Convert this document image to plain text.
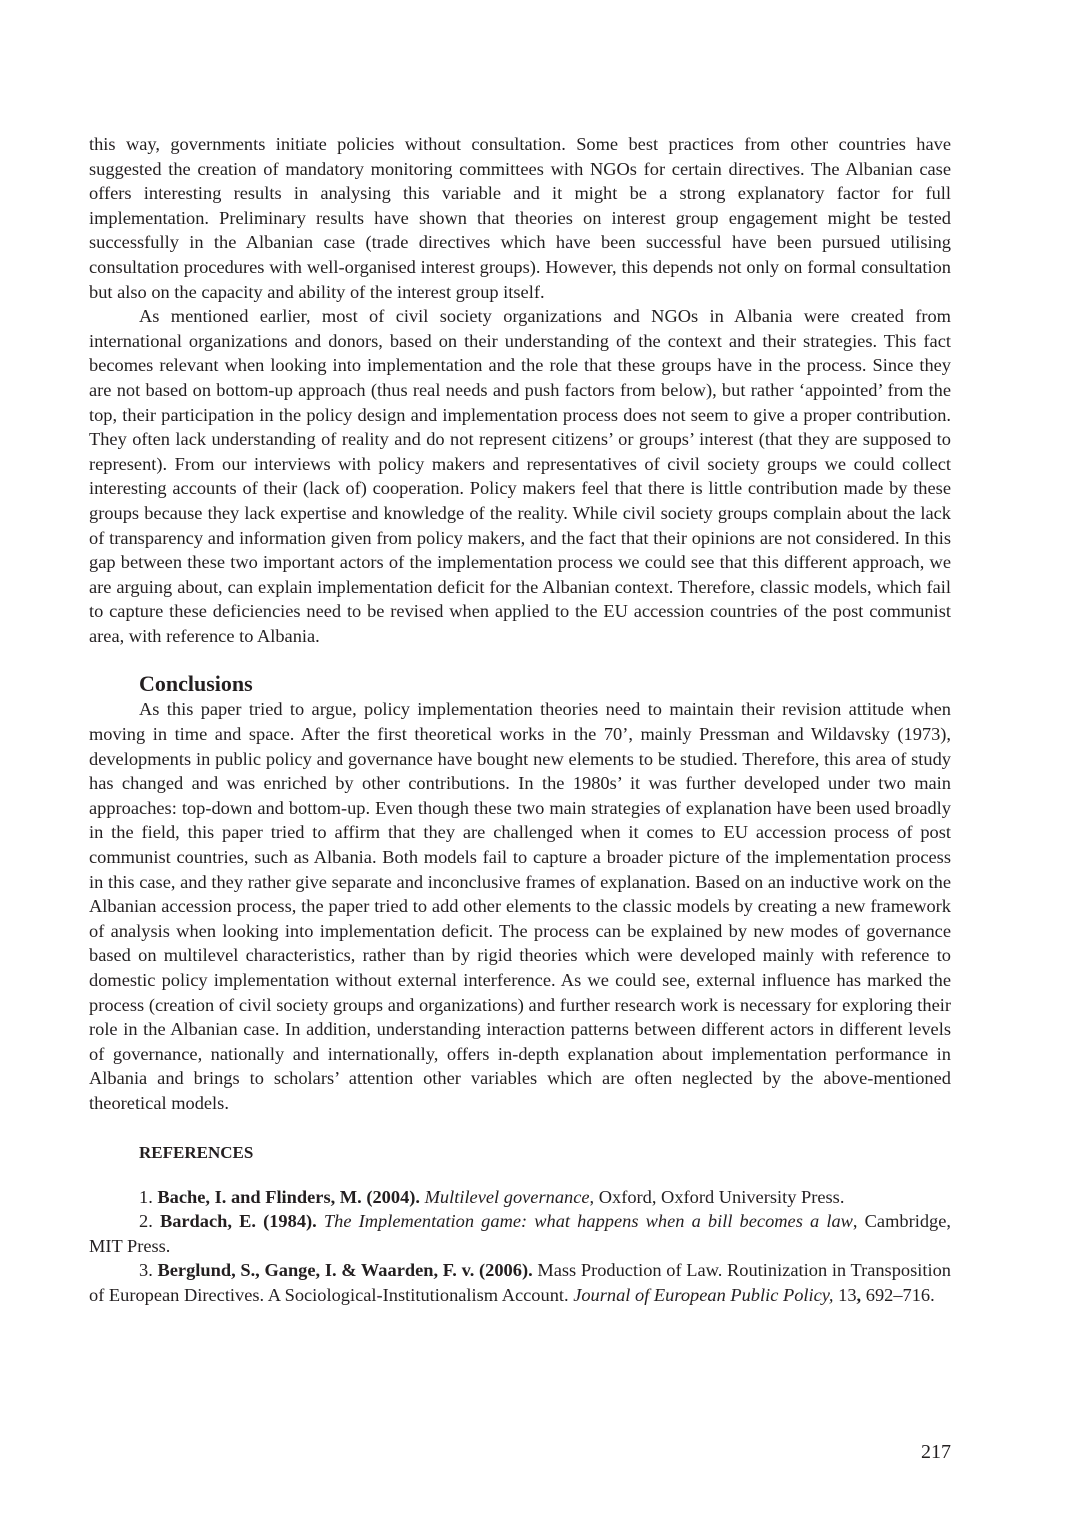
this way, governments initiate policies without consultation. Some best practices from other countries have suggested the creation of mandatory monitoring committees with NGOs for certain directives. The Albanian case offers interesting results in analysing this variable and it might be a strong explanatory factor for full implementation. Preliminary results have shown that theories on interest group engagement might be tested successfully in the Albanian case (trade directives which have been successful have been pursued utilising consultation procedures with well-organised interest groups). However, this depends not only on formal consultation but also on the capacity and ability of the interest group itself.

As mentioned earlier, most of civil society organizations and NGOs in Albania were created from international organizations and donors, based on their understanding of the context and their strategies. This fact becomes relevant when looking into implementation and the role that these groups have in the process. Since they are not based on bottom-up approach (thus real needs and push factors from below), but rather ‘appointed’ from the top, their participation in the policy design and implementation process does not seem to give a proper contribution. They often lack understanding of reality and do not represent citizens’ or groups’ interest (that they are supposed to represent). From our interviews with policy makers and representatives of civil society groups we could collect interesting accounts of their (lack of) cooperation. Policy makers feel that there is little contribution made by these groups because they lack expertise and knowledge of the reality. While civil society groups complain about the lack of transparency and information given from policy makers, and the fact that their opinions are not considered. In this gap between these two important actors of the implementation process we could see that this different approach, we are arguing about, can explain implementation deficit for the Albanian context. Therefore, classic models, which fail to capture these deficiencies need to be revised when applied to the EU accession countries of the post communist area, with reference to Albania.

Conclusions

As this paper tried to argue, policy implementation theories need to maintain their revision attitude when moving in time and space. After the first theoretical works in the 70’, mainly Pressman and Wildavsky (1973), developments in public policy and governance have bought new elements to be studied. Therefore, this area of study has changed and was enriched by other contributions. In the 1980s’ it was further developed under two main approaches: top-down and bottom-up. Even though these two main strategies of explanation have been used broadly in the field, this paper tried to affirm that they are challenged when it comes to EU accession process of post communist countries, such as Albania. Both models fail to capture a broader picture of the implementation process in this case, and they rather give separate and inconclusive frames of explanation. Based on an inductive work on the Albanian accession process, the paper tried to add other elements to the classic models by creating a new framework of analysis when looking into implementation deficit. The process can be explained by new modes of governance based on multilevel characteristics, rather than by rigid theories which were developed mainly with reference to domestic policy implementation without external interference. As we could see, external influence has marked the process (creation of civil society groups and organizations) and further research work is necessary for exploring their role in the Albanian case. In addition, understanding interaction patterns between different actors in different levels of governance, nationally and internationally, offers in-depth explanation about implementation performance in Albania and brings to scholars’ attention other variables which are often neglected by the above-mentioned theoretical models.

REFERENCES

1. Bache, I. and Flinders, M. (2004). Multilevel governance, Oxford, Oxford University Press.

2. Bardach, E. (1984). The Implementation game: what happens when a bill becomes a law, Cambridge, MIT Press.

3. Berglund, S., Gange, I. & Waarden, F. v. (2006). Mass Production of Law. Routinization in Transposition of European Directives. A Sociological-Institutionalism Account. Journal of European Public Policy, 13, 692–716.

217
